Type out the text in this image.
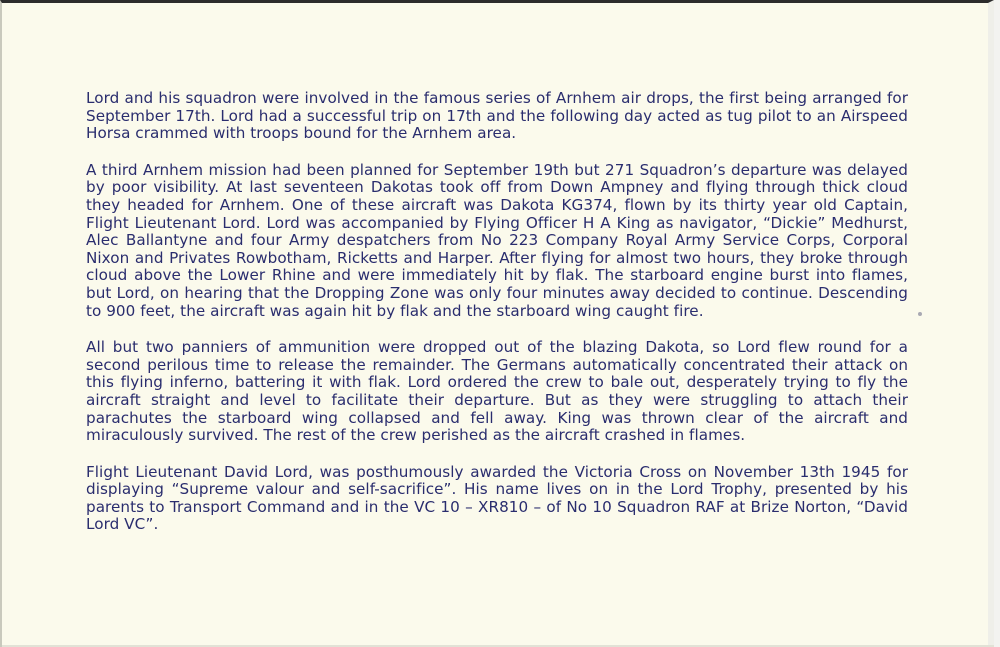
Lord and his squadron were involved in the famous series of Arnhem air drops, the first being arranged for September 17th. Lord had a successful trip on 17th and the following day acted as tug pilot to an Airspeed Horsa crammed with troops bound for the Arnhem area.

A third Arnhem mission had been planned for September 19th but 271 Squadron’s departure was delayed by poor visibility. At last seventeen Dakotas took off from Down Ampney and flying through thick cloud they headed for Arnhem. One of these aircraft was Dakota KG374, flown by its thirty year old Captain, Flight Lieutenant Lord. Lord was accompanied by Flying Officer H A King as navigator, “Dickie” Medhurst, Alec Ballantyne and four Army despatchers from No 223 Company Royal Army Service Corps, Corporal Nixon and Privates Rowbotham, Ricketts and Harper. After flying for almost two hours, they broke through cloud above the Lower Rhine and were immediately hit by flak. The starboard engine burst into flames, but Lord, on hearing that the Dropping Zone was only four minutes away decided to continue. Descending to 900 feet, the aircraft was again hit by flak and the starboard wing caught fire.

All but two panniers of ammunition were dropped out of the blazing Dakota, so Lord flew round for a second perilous time to release the remainder. The Germans automatically concentrated their attack on this flying inferno, battering it with flak. Lord ordered the crew to bale out, desperately trying to fly the aircraft straight and level to facilitate their departure. But as they were struggling to attach their parachutes the starboard wing collapsed and fell away. King was thrown clear of the aircraft and miraculously survived. The rest of the crew perished as the aircraft crashed in flames.

Flight Lieutenant David Lord, was posthumously awarded the Victoria Cross on November 13th 1945 for displaying “Supreme valour and self-sacrifice”. His name lives on in the Lord Trophy, presented by his parents to Transport Command and in the VC 10 – XR810 – of No 10 Squadron RAF at Brize Norton, “David Lord VC”.
